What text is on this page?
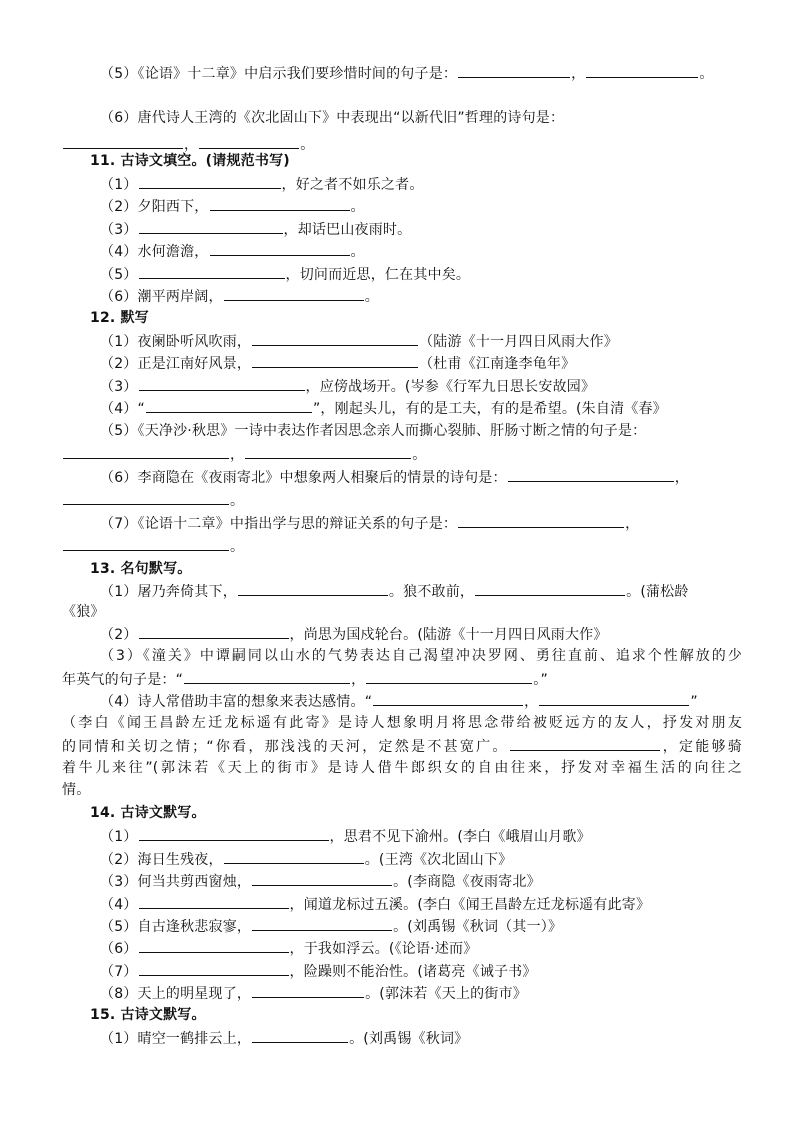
（5）《论语》十二章》中启示我们要珍惜时间的句子是：	，	。
（6）唐代诗人王湾的《次北固山下》中表现出“以新代旧”哲理的诗句是：
，	。
11. 古诗文填空。(请规范书写)
（1）	，好之者不如乐之者。
（2）夕阳西下，	。
（3）	，却话巴山夜雨时。
（4）水何澹澹，	。
（5）	，切问而近思，仁在其中矣。
（6）潮平两岸阔，	。
12. 默写
（1）夜阑卧听风吹雨，	（陆游《十一月四日风雨大作》
（2）正是江南好风景，	（杜甫《江南逢李龟年》
（3）	，应傍战场开。(岑参《行军九日思长安故园》
（4）“	”，刚起头儿，有的是工夫，有的是希望。(朱自清《春》
（5）《天净沙·秋思》一诗中表达作者因思念亲人而撕心裂肺、肝肠寸断之情的句子是：
，	。
（6）李商隐在《夜雨寄北》中想象两人相聚后的情景的诗句是：	，
。
（7）《论语十二章》中指出学与思的辩证关系的句子是：	，
。
13. 名句默写。
（1）屠乃奔倚其下，	。狼不敢前，	。(蒲松龄
《狼》
（2）	，尚思为国戍轮台。(陆游《十一月四日风雨大作》
（3）《潼关》中谭嗣同以山水的气势表达自己渴望冲决罗网、勇往直前、追求个性解放的少
年英气的句子是：“	，	。”
（4）诗人常借助丰富的想象来表达感情。“	，	”
（李白《闻王昌龄左迁龙标遥有此寄》是诗人想象明月将思念带给被贬远方的友人，抒发对朋友
的同情和关切之情；“你看，那浅浅的天河，定然是不甚宽广。	，定能够骑
着牛儿来往”(郭沫若《天上的街市》是诗人借牛郎织女的自由往来，抒发对幸福生活的向往之
情。
14. 古诗文默写。
（1）	，思君不见下渝州。(李白《峨眉山月歌》
（2）海日生残夜，	。(王湾《次北固山下》
（3）何当共剪西窗烛，	。(李商隐《夜雨寄北》
（4）	，闻道龙标过五溪。(李白《闻王昌龄左迁龙标遥有此寄》
（5）自古逢秋悲寂寥，	。(刘禹锡《秋词（其一）》
（6）	，于我如浮云。(《论语·述而》
（7）	，险躁则不能治性。(诸葛亮《诫子书》
（8）天上的明星现了，	。(郭沫若《天上的街市》
15. 古诗文默写。
（1）晴空一鹤排云上，	。(刘禹锡《秋词》
